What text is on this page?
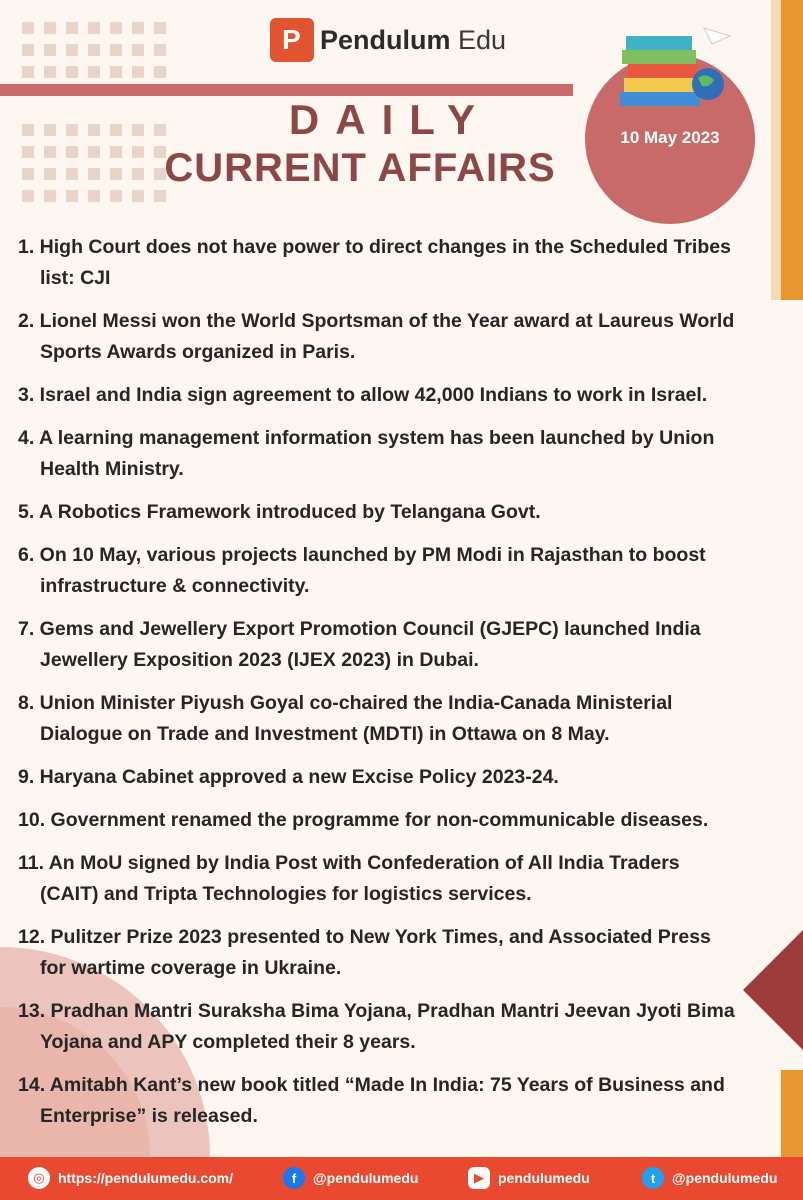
P
Pendulum Edu
DAILY
CURRENT AFFAIRS
10 May 2023
1. High Court does not have power to direct changes in the Scheduled Tribes list: CJI
2. Lionel Messi won the World Sportsman of the Year award at Laureus World Sports Awards organized in Paris.
3. Israel and India sign agreement to allow 42,000 Indians to work in Israel.
4. A learning management information system has been launched by Union Health Ministry.
5. A Robotics Framework introduced by Telangana Govt.
6. On 10 May, various projects launched by PM Modi in Rajasthan to boost infrastructure & connectivity.
7. Gems and Jewellery Export Promotion Council (GJEPC) launched India Jewellery Exposition 2023 (IJEX 2023) in Dubai.
8. Union Minister Piyush Goyal co-chaired the India-Canada Ministerial Dialogue on Trade and Investment (MDTI) in Ottawa on 8 May.
9. Haryana Cabinet approved a new Excise Policy 2023-24.
10. Government renamed the programme for non-communicable diseases.
11. An MoU signed by India Post with Confederation of All India Traders (CAIT) and Tripta Technologies for logistics services.
12. Pulitzer Prize 2023 presented to New York Times, and Associated Press for wartime coverage in Ukraine.
13. Pradhan Mantri Suraksha Bima Yojana, Pradhan Mantri Jeevan Jyoti Bima Yojana and APY completed their 8 years.
14. Amitabh Kant’s new book titled “Made In India: 75 Years of Business and Enterprise” is released.
◎ https://pendulumedu.com/	f	@pendulumedu	▶	pendulumedu	t	@pendulumedu
